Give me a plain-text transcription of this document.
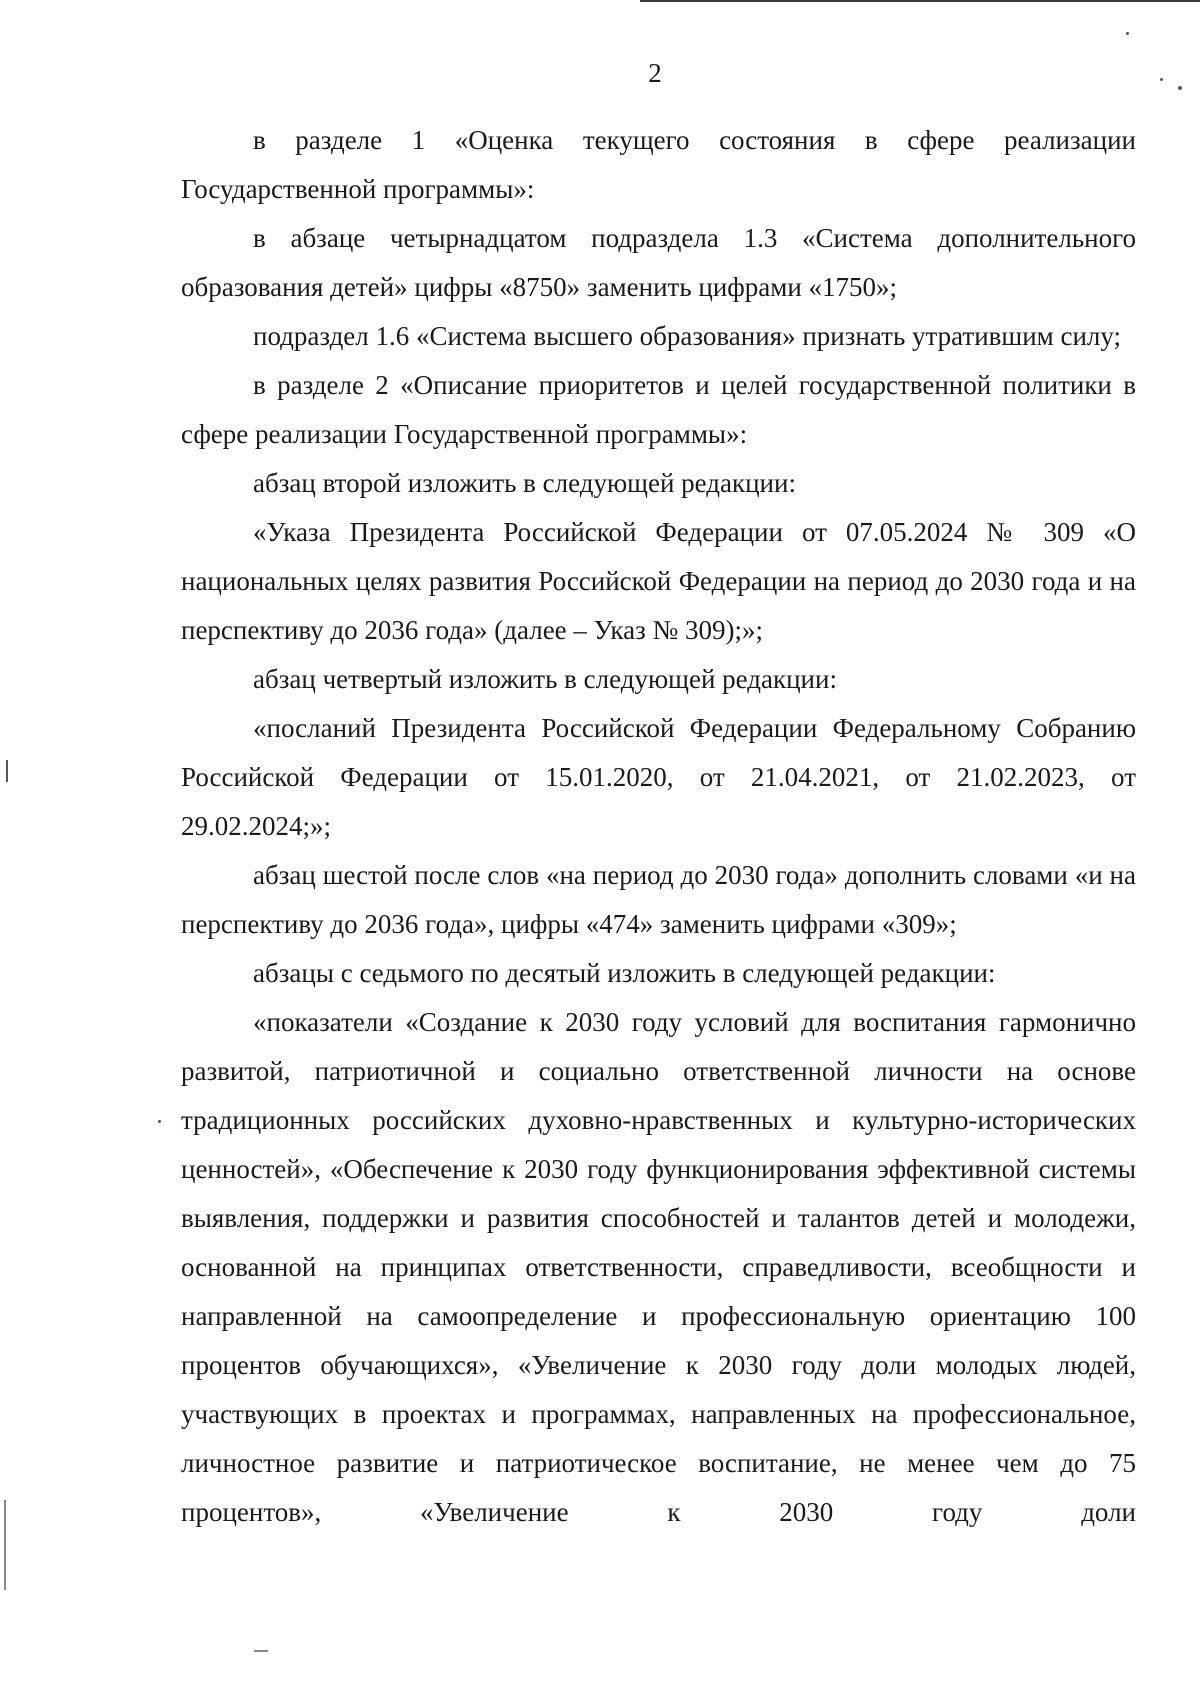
2

в разделе 1 «Оценка текущего состояния в сфере реализации Государственной программы»:

в абзаце четырнадцатом подраздела 1.3 «Система дополнительного образования детей» цифры «8750» заменить цифрами «1750»;

подраздел 1.6 «Система высшего образования» признать утратившим силу;

в разделе 2 «Описание приоритетов и целей государственной политики в сфере реализации Государственной программы»:

абзац второй изложить в следующей редакции:

«Указа Президента Российской Федерации от 07.05.2024 № 309 «О национальных целях развития Российской Федерации на период до 2030 года и на перспективу до 2036 года» (далее – Указ № 309);»;

абзац четвертый изложить в следующей редакции:

«посланий Президента Российской Федерации Федеральному Собранию Российской Федерации от 15.01.2020, от 21.04.2021, от 21.02.2023, от 29.02.2024;»;

абзац шестой после слов «на период до 2030 года» дополнить словами «и на перспективу до 2036 года», цифры «474» заменить цифрами «309»;

абзацы с седьмого по десятый изложить в следующей редакции:

«показатели «Создание к 2030 году условий для воспитания гармонично развитой, патриотичной и социально ответственной личности на основе традиционных российских духовно-нравственных и культурно-исторических ценностей», «Обеспечение к 2030 году функционирования эффективной системы выявления, поддержки и развития способностей и талантов детей и молодежи, основанной на принципах ответственности, справедливости, всеобщности и направленной на самоопределение и профессиональную ориентацию 100 процентов обучающихся», «Увеличение к 2030 году доли молодых людей, участвующих в проектах и программах, направленных на профессиональное, личностное развитие и патриотическое воспитание, не менее чем до 75 процентов», «Увеличение к 2030 году доли
